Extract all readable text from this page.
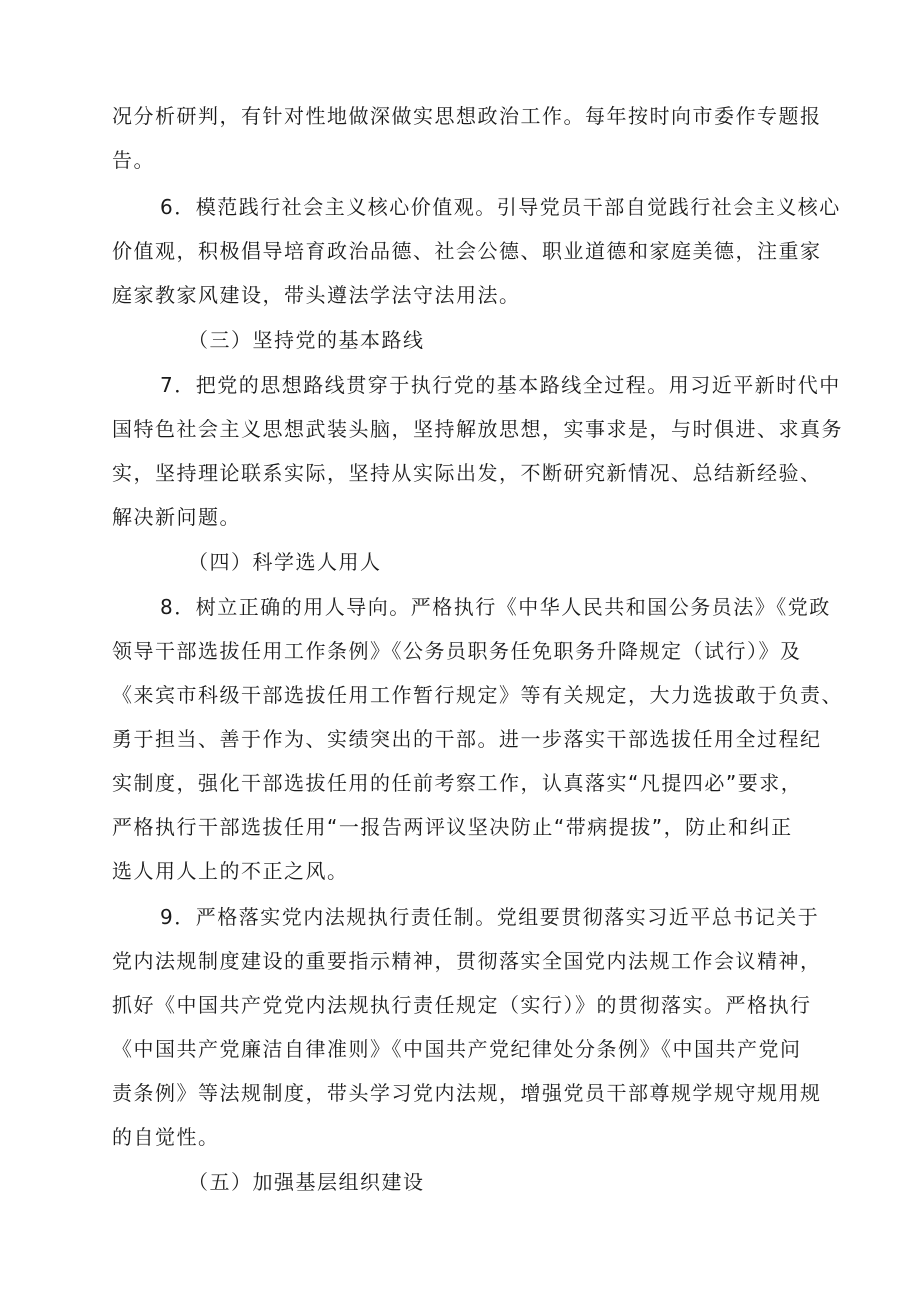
况分析研判，有针对性地做深做实思想政治工作。每年按时向市委作专题报
告。
6．模范践行社会主义核心价值观。引导党员干部自觉践行社会主义核心
价值观，积极倡导培育政治品德、社会公德、职业道德和家庭美德，注重家
庭家教家风建设，带头遵法学法守法用法。
（三）坚持党的基本路线
7．把党的思想路线贯穿于执行党的基本路线全过程。用习近平新时代中
国特色社会主义思想武装头脑，坚持解放思想，实事求是，与时俱进、求真务
实，坚持理论联系实际，坚持从实际出发，不断研究新情况、总结新经验、
解决新问题。
（四）科学选人用人
8．树立正确的用人导向。严格执行《中华人民共和国公务员法》《党政
领导干部选拔任用工作条例》《公务员职务任免职务升降规定（试行）》及
《来宾市科级干部选拔任用工作暂行规定》等有关规定，大力选拔敢于负责、
勇于担当、善于作为、实绩突出的干部。进一步落实干部选拔任用全过程纪
实制度，强化干部选拔任用的任前考察工作，认真落实“凡提四必”要求，
严格执行干部选拔任用“一报告两评议坚决防止“带病提拔”，防止和纠正
选人用人上的不正之风。
9．严格落实党内法规执行责任制。党组要贯彻落实习近平总书记关于
党内法规制度建设的重要指示精神，贯彻落实全国党内法规工作会议精神，
抓好《中国共产党党内法规执行责任规定（实行）》的贯彻落实。严格执行
《中国共产党廉洁自律准则》《中国共产党纪律处分条例》《中国共产党问
责条例》等法规制度，带头学习党内法规，增强党员干部尊规学规守规用规
的自觉性。
（五）加强基层组织建设
